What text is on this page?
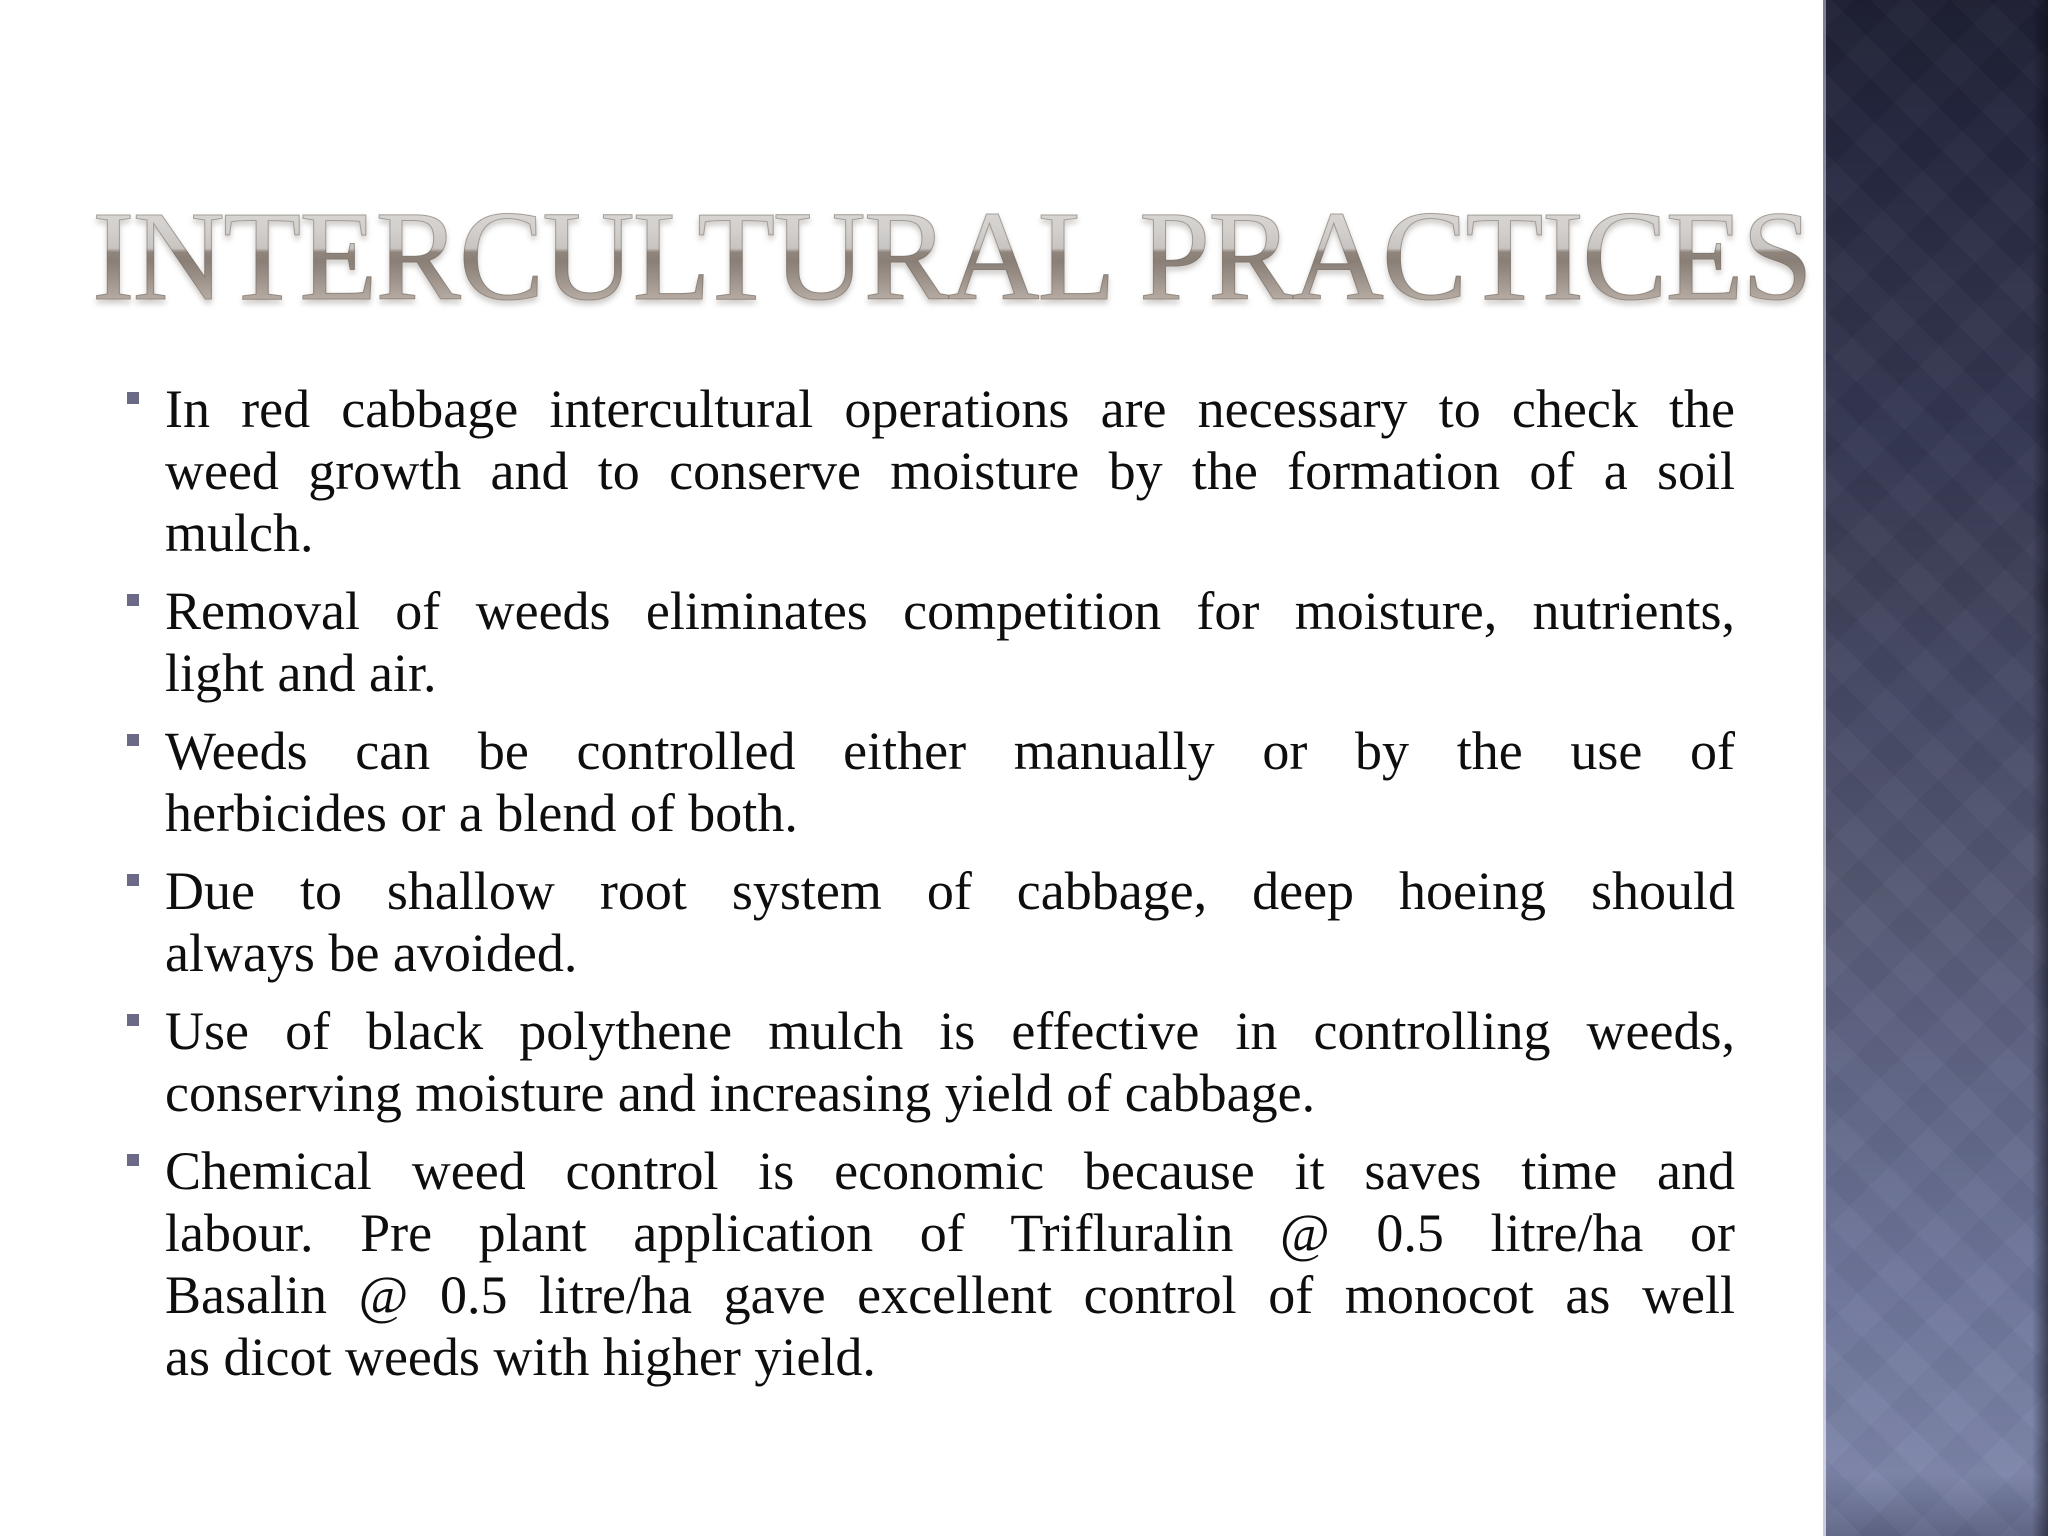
INTERCULTURAL PRACTICES
In red cabbage intercultural operations are necessary to check the
weed growth and to conserve moisture by the formation of a soil
mulch.
Removal of weeds eliminates competition for moisture, nutrients,
light and air.
Weeds can be controlled either manually or by the use of
herbicides or a blend of both.
Due to shallow root system of cabbage, deep hoeing should
always be avoided.
Use of black polythene mulch is effective in controlling weeds,
conserving moisture and increasing yield of cabbage.
Chemical weed control is economic because it saves time and
labour. Pre plant application of Trifluralin @ 0.5 litre/ha or
Basalin @ 0.5 litre/ha gave excellent control of monocot as well
as dicot weeds with higher yield.
